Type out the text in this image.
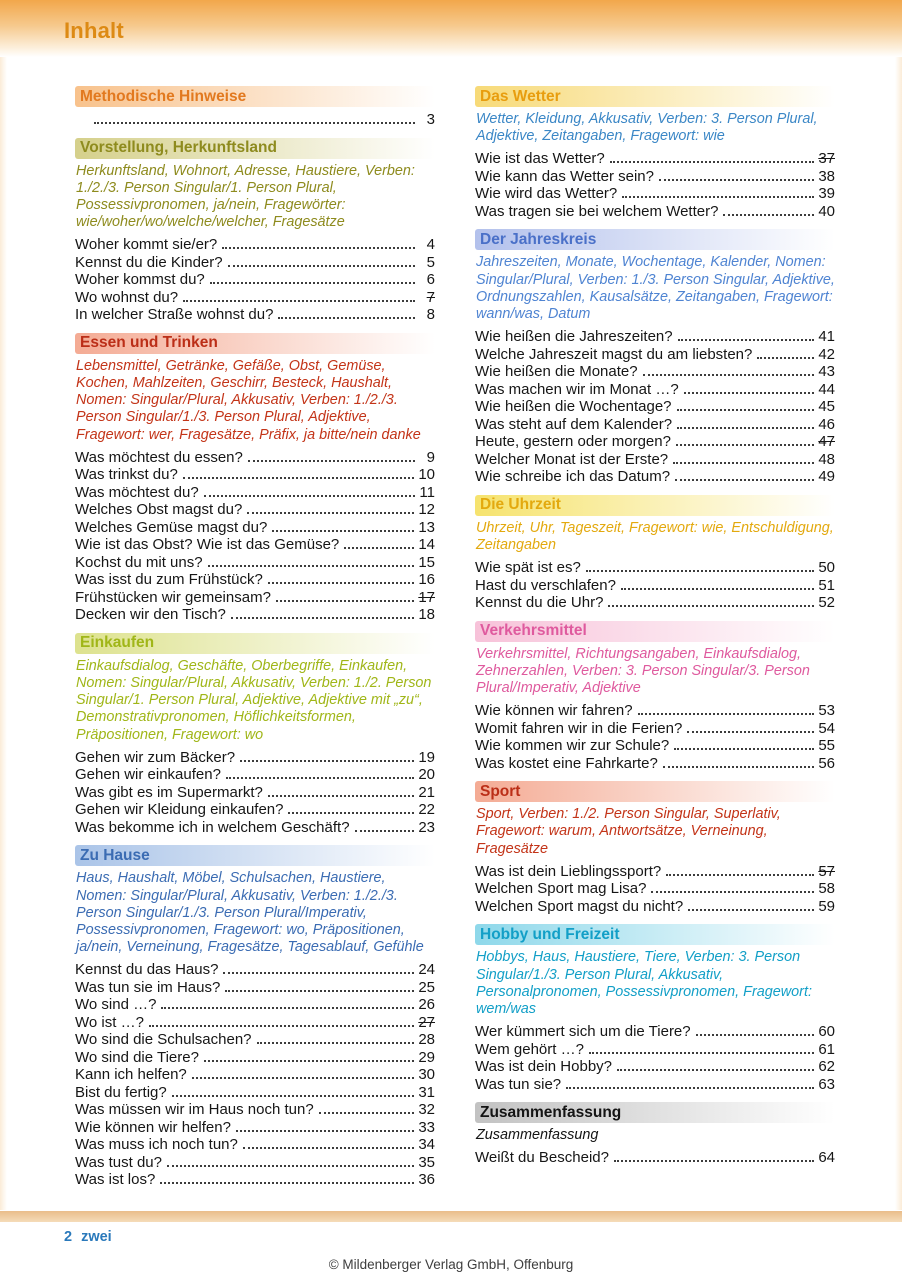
Inhalt
Methodische Hinweise
3
Vorstellung, Herkunftsland
Herkunftsland, Wohnort, Adresse, Haustiere, Verben: 1./2./3. Person Singular/1. Person Plural, Possessivpronomen, ja/nein, Fragewörter: wie/woher/wo/welche/welcher, Fragesätze
Woher kommt sie/er?	4
Kennst du die Kinder?	5
Woher kommst du?	6
Wo wohnst du?	7
In welcher Straße wohnst du?	8
Essen und Trinken
Lebensmittel, Getränke, Gefäße, Obst, Gemüse, Kochen, Mahlzeiten, Geschirr, Besteck, Haushalt, Nomen: Singular/Plural, Akkusativ, Verben: 1./2./3. Person Singular/1./3. Person Plural, Adjektive, Fragewort: wer, Fragesätze, Präfix, ja bitte/nein danke
Was möchtest du essen?	9
Was trinkst du?	10
Was möchtest du?	11
Welches Obst magst du?	12
Welches Gemüse magst du?	13
Wie ist das Obst? Wie ist das Gemüse?	14
Kochst du mit uns?	15
Was isst du zum Frühstück?	16
Frühstücken wir gemeinsam?	17
Decken wir den Tisch?	18
Einkaufen
Einkaufsdialog, Geschäfte, Oberbegriffe, Einkaufen, Nomen: Singular/Plural, Akkusativ, Verben: 1./2. Person Singular/1. Person Plural, Adjektive, Adjektive mit „zu“, Demonstrativpronomen, Höflichkeitsformen, Präpositionen, Fragewort: wo
Gehen wir zum Bäcker?	19
Gehen wir einkaufen?	20
Was gibt es im Supermarkt?	21
Gehen wir Kleidung einkaufen?	22
Was bekomme ich in welchem Geschäft?	23
Zu Hause
Haus, Haushalt, Möbel, Schulsachen, Haustiere, Nomen: Singular/Plural, Akkusativ, Verben: 1./2./3. Person Singular/1./3. Person Plural/Imperativ, Possessivpronomen, Fragewort: wo, Präpositionen, ja/nein, Verneinung, Fragesätze, Tagesablauf, Gefühle
Kennst du das Haus?	24
Was tun sie im Haus?	25
Wo sind …?	26
Wo ist …?	27
Wo sind die Schulsachen?	28
Wo sind die Tiere?	29
Kann ich helfen?	30
Bist du fertig?	31
Was müssen wir im Haus noch tun?	32
Wie können wir helfen?	33
Was muss ich noch tun?	34
Was tust du?	35
Was ist los?	36
Das Wetter
Wetter, Kleidung, Akkusativ, Verben: 3. Person Plural, Adjektive, Zeitangaben, Fragewort: wie
Wie ist das Wetter?	37
Wie kann das Wetter sein?	38
Wie wird das Wetter?	39
Was tragen sie bei welchem Wetter?	40
Der Jahreskreis
Jahreszeiten, Monate, Wochentage, Kalender, Nomen: Singular/Plural, Verben: 1./3. Person Singular, Adjektive, Ordnungszahlen, Kausalsätze, Zeitangaben, Fragewort: wann/was, Datum
Wie heißen die Jahreszeiten?	41
Welche Jahreszeit magst du am liebsten?	42
Wie heißen die Monate?	43
Was machen wir im Monat …?	44
Wie heißen die Wochentage?	45
Was steht auf dem Kalender?	46
Heute, gestern oder morgen?	47
Welcher Monat ist der Erste?	48
Wie schreibe ich das Datum?	49
Die Uhrzeit
Uhrzeit, Uhr, Tageszeit, Fragewort: wie, Entschuldigung, Zeitangaben
Wie spät ist es?	50
Hast du verschlafen?	51
Kennst du die Uhr?	52
Verkehrsmittel
Verkehrsmittel, Richtungsangaben, Einkaufsdialog, Zehnerzahlen, Verben: 3. Person Singular/3. Person Plural/Imperativ, Adjektive
Wie können wir fahren?	53
Womit fahren wir in die Ferien?	54
Wie kommen wir zur Schule?	55
Was kostet eine Fahrkarte?	56
Sport
Sport, Verben: 1./2. Person Singular, Superlativ, Fragewort: warum, Antwortsätze, Verneinung, Fragesätze
Was ist dein Lieblingssport?	57
Welchen Sport mag Lisa?	58
Welchen Sport magst du nicht?	59
Hobby und Freizeit
Hobbys, Haus, Haustiere, Tiere, Verben: 3. Person Singular/1./3. Person Plural, Akkusativ, Personalpronomen, Possessivpronomen, Fragewort: wem/was
Wer kümmert sich um die Tiere?	60
Wem gehört …?	61
Was ist dein Hobby?	62
Was tun sie?	63
Zusammenfassung
Zusammenfassung
Weißt du Bescheid?	64
2 zwei
© Mildenberger Verlag GmbH, Offenburg
